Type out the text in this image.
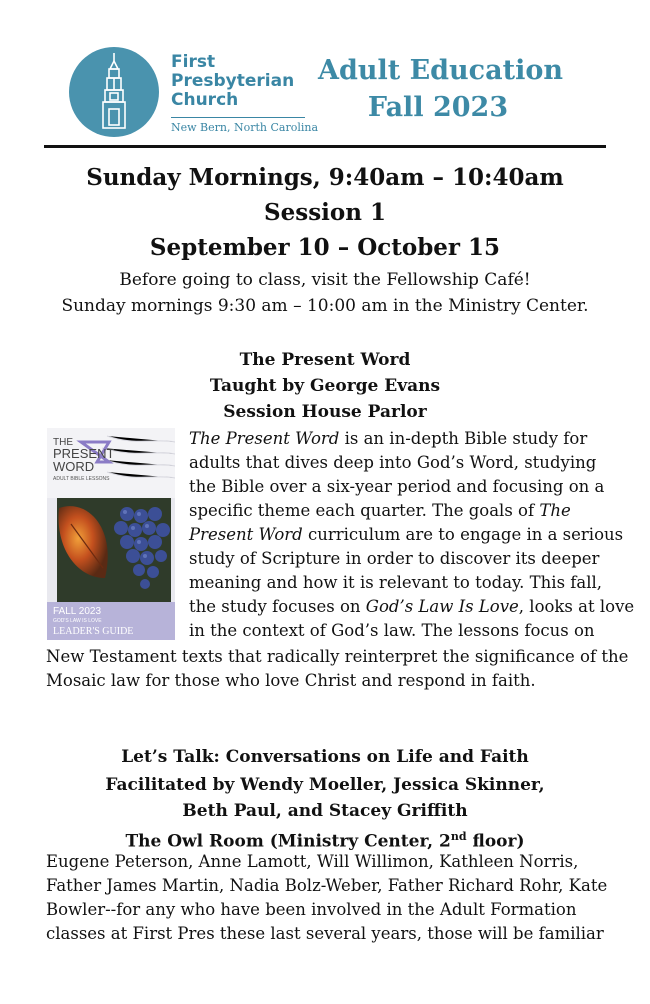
First
Presbyterian
Church
New Bern, North Carolina
Adult Education
Fall 2023
Sunday Mornings, 9:40am – 10:40am
Session 1
September 10 – October 15
Before going to class, visit the Fellowship Café!
Sunday mornings 9:30 am – 10:00 am in the Ministry Center.
The Present Word
Taught by George Evans
Session House Parlor
THE
PRESENT
WORD
ADULT BIBLE LESSONS
FALL 2023
GOD'S LAW IS LOVE
LEADER'S GUIDE
The Present Word is an in-depth Bible study for
adults that dives deep into God’s Word, studying
the Bible over a six-year period and focusing on a
specific theme each quarter. The goals of The
Present Word curriculum are to engage in a serious
study of Scripture in order to discover its deeper
meaning and how it is relevant to today. This fall,
the study focuses on God’s Law Is Love, looks at love
in the context of God’s law. The lessons focus on
New Testament texts that radically reinterpret the significance of the
Mosaic law for those who love Christ and respond in faith.
Let’s Talk: Conversations on Life and Faith
Facilitated by Wendy Moeller, Jessica Skinner,
Beth Paul, and Stacey Griffith
The Owl Room (Ministry Center, 2nd floor)
Eugene Peterson, Anne Lamott, Will Willimon, Kathleen Norris,
Father James Martin, Nadia Bolz-Weber, Father Richard Rohr, Kate
Bowler--for any who have been involved in the Adult Formation
classes at First Pres these last several years, those will be familiar
